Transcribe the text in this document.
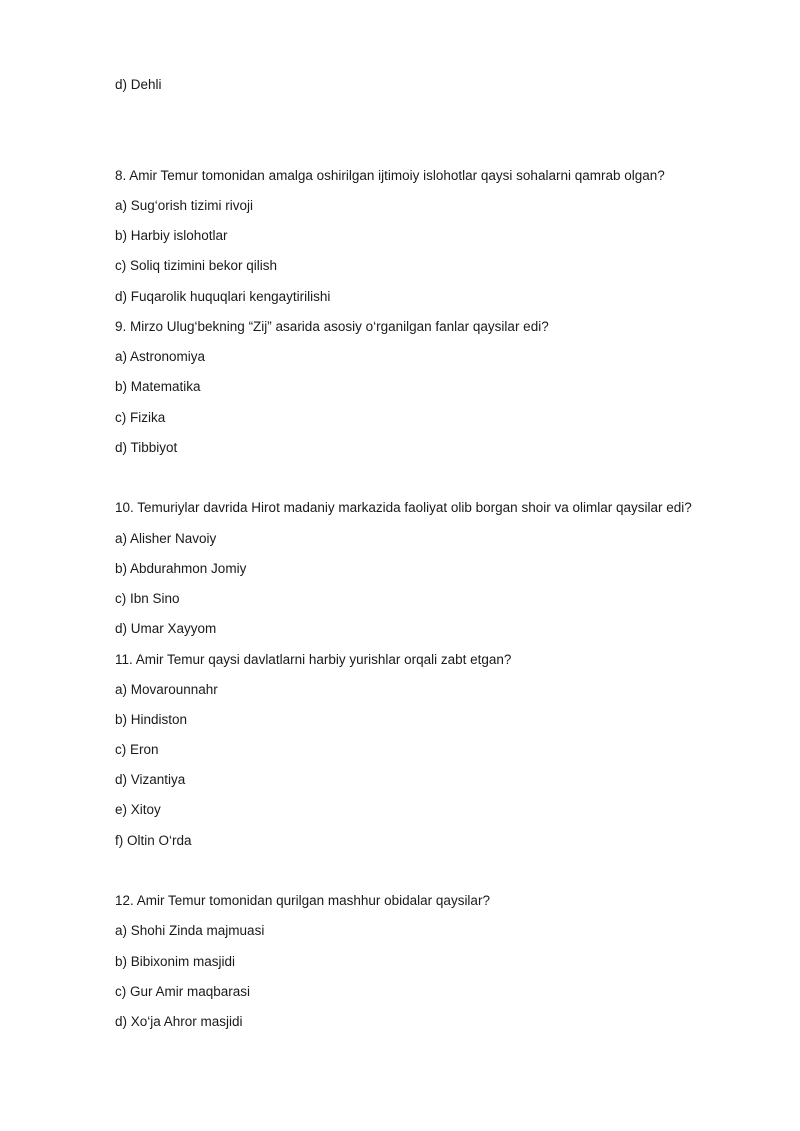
d) Dehli
8. Amir Temur tomonidan amalga oshirilgan ijtimoiy islohotlar qaysi sohalarni qamrab olgan?
a) Sug‘orish tizimi rivoji
b) Harbiy islohotlar
c) Soliq tizimini bekor qilish
d) Fuqarolik huquqlari kengaytirilishi
9. Mirzo Ulug‘bekning “Zij” asarida asosiy o‘rganilgan fanlar qaysilar edi?
a) Astronomiya
b) Matematika
c) Fizika
d) Tibbiyot
10. Temuriylar davrida Hirot madaniy markazida faoliyat olib borgan shoir va olimlar qaysilar edi?
a) Alisher Navoiy
b) Abdurahmon Jomiy
c) Ibn Sino
d) Umar Xayyom
11. Amir Temur qaysi davlatlarni harbiy yurishlar orqali zabt etgan?
a) Movarounnahr
b) Hindiston
c) Eron
d) Vizantiya
e) Xitoy
f) Oltin O‘rda
12. Amir Temur tomonidan qurilgan mashhur obidalar qaysilar?
a) Shohi Zinda majmuasi
b) Bibixonim masjidi
c) Gur Amir maqbarasi
d) Xo‘ja Ahror masjidi
